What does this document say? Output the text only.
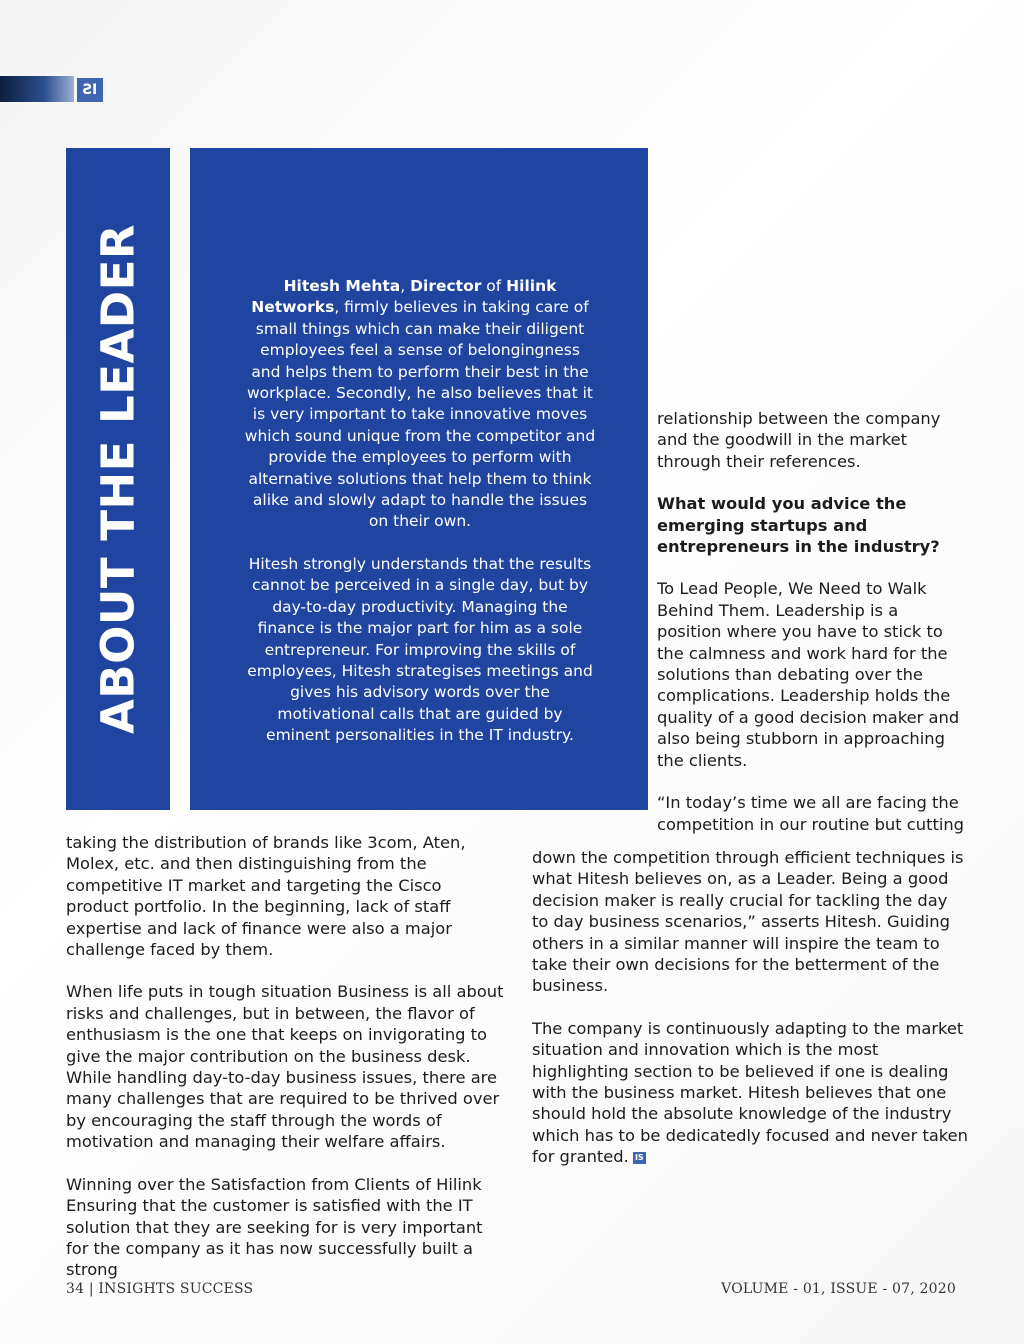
IS
ABOUT THE LEADER	Hitesh Mehta, Director of Hilink Networks, firmly believes in taking care of small things which can make their diligent employees feel a sense of belongingness and helps them to perform their best in the workplace. Secondly, he also believes that it is very important to take innovative moves which sound unique from the competitor and provide the employees to perform with alternative solutions that help them to think alike and slowly adapt to handle the issues on their own.

Hitesh strongly understands that the results cannot be perceived in a single day, but by day-to-day productivity. Managing the finance is the major part for him as a sole entrepreneur. For improving the skills of employees, Hitesh strategises meetings and gives his advisory words over the motivational calls that are guided by eminent personalities in the IT industry.

relationship between the company and the goodwill in the market through their references.

What would you advice the emerging startups and entrepreneurs in the industry?

To Lead People, We Need to Walk Behind Them. Leadership is a position where you have to stick to the calmness and work hard for the solutions than debating over the complications. Leadership holds the quality of a good decision maker and also being stubborn in approaching the clients.

“In today’s time we all are facing the competition in our routine but cutting

down the competition through efficient techniques is what Hitesh believes on, as a Leader. Being a good decision maker is really crucial for tackling the day to day business scenarios,” asserts Hitesh. Guiding others in a similar manner will inspire the team to take their own decisions for the betterment of the business.

The company is continuously adapting to the market situation and innovation which is the most highlighting section to be believed if one is dealing with the business market. Hitesh believes that one should hold the absolute knowledge of the industry which has to be dedicatedly focused and never taken for granted. IS

taking the distribution of brands like 3com, Aten, Molex, etc. and then distinguishing from the competitive IT market and targeting the Cisco product portfolio. In the beginning, lack of staff expertise and lack of finance were also a major challenge faced by them.

When life puts in tough situation Business is all about risks and challenges, but in between, the flavor of enthusiasm is the one that keeps on invigorating to give the major contribution on the business desk. While handling day-to-day business issues, there are many challenges that are required to be thrived over by encouraging the staff through the words of motivation and managing their welfare affairs.

Winning over the Satisfaction from Clients of Hilink Ensuring that the customer is satisfied with the IT solution that they are seeking for is very important for the company as it has now successfully built a strong

34 | INSIGHTS SUCCESS	VOLUME - 01, ISSUE - 07, 2020
